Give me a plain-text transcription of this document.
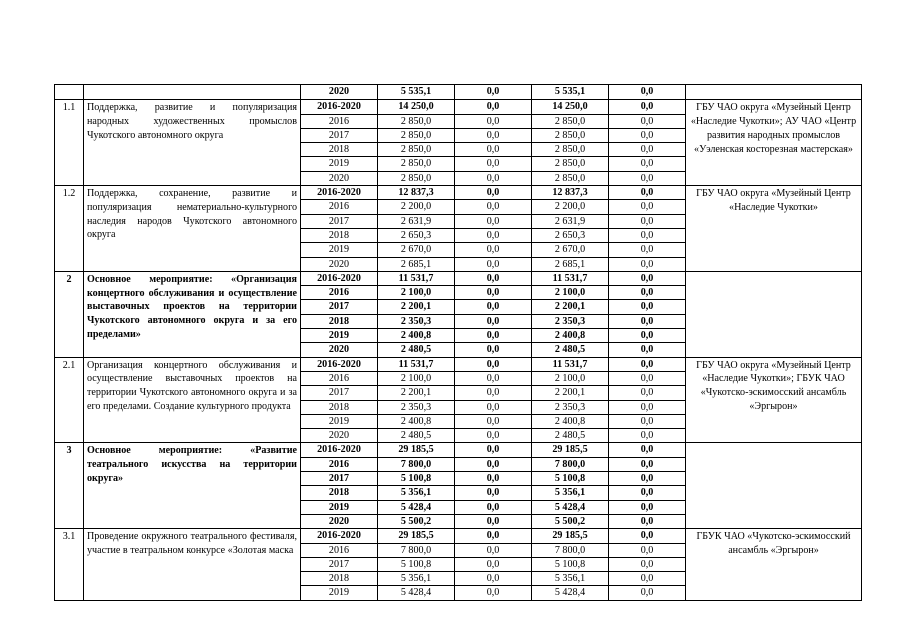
		2020	5 535,1	0,0	5 535,1	0,0	
1.1	Поддержка, развитие и популяризация народных художественных промыслов Чукотского автономного округа	2016-2020	14 250,0	0,0	14 250,0	0,0	ГБУ ЧАО округа «Музейный Центр «Наследие Чукотки»; АУ ЧАО «Центр развития народных промыслов «Уэленская косторезная мастерская»
		2016	2 850,0	0,0	2 850,0	0,0	
		2017	2 850,0	0,0	2 850,0	0,0	
		2018	2 850,0	0,0	2 850,0	0,0	
		2019	2 850,0	0,0	2 850,0	0,0	
		2020	2 850,0	0,0	2 850,0	0,0	
1.2	Поддержка, сохранение, развитие и популяризация нематериально-культурного наследия народов Чукотского автономного округа	2016-2020	12 837,3	0,0	12 837,3	0,0	ГБУ ЧАО округа «Музейный Центр «Наследие Чукотки»
		2016	2 200,0	0,0	2 200,0	0,0	
		2017	2 631,9	0,0	2 631,9	0,0	
		2018	2 650,3	0,0	2 650,3	0,0	
		2019	2 670,0	0,0	2 670,0	0,0	
		2020	2 685,1	0,0	2 685,1	0,0	
2	Основное мероприятие: «Организация концертного обслуживания и осуществление выставочных проектов на территории Чукотского автономного округа и за его пределами»	2016-2020	11 531,7	0,0	11 531,7	0,0	
		2016	2 100,0	0,0	2 100,0	0,0	
		2017	2 200,1	0,0	2 200,1	0,0	
		2018	2 350,3	0,0	2 350,3	0,0	
		2019	2 400,8	0,0	2 400,8	0,0	
		2020	2 480,5	0,0	2 480,5	0,0	
2.1	Организация концертного обслуживания и осуществление выставочных проектов на территории Чукотского автономного округа и за его пределами. Создание культурного продукта	2016-2020	11 531,7	0,0	11 531,7	0,0	ГБУ ЧАО округа «Музейный Центр «Наследие Чукотки»; ГБУК ЧАО «Чукотско-эскимосский ансамбль «Эргырон»
		2016	2 100,0	0,0	2 100,0	0,0	
		2017	2 200,1	0,0	2 200,1	0,0	
		2018	2 350,3	0,0	2 350,3	0,0	
		2019	2 400,8	0,0	2 400,8	0,0	
		2020	2 480,5	0,0	2 480,5	0,0	
3	Основное мероприятие: «Развитие театрального искусства на территории округа»	2016-2020	29 185,5	0,0	29 185,5	0,0	
		2016	7 800,0	0,0	7 800,0	0,0	
		2017	5 100,8	0,0	5 100,8	0,0	
		2018	5 356,1	0,0	5 356,1	0,0	
		2019	5 428,4	0,0	5 428,4	0,0	
		2020	5 500,2	0,0	5 500,2	0,0	
3.1	Проведение окружного театрального фестиваля, участие в театральном конкурсе «Золотая маска	2016-2020	29 185,5	0,0	29 185,5	0,0	ГБУК ЧАО «Чукотско-эскимосский ансамбль «Эргырон»
		2016	7 800,0	0,0	7 800,0	0,0	
		2017	5 100,8	0,0	5 100,8	0,0	
		2018	5 356,1	0,0	5 356,1	0,0	
		2019	5 428,4	0,0	5 428,4	0,0	
